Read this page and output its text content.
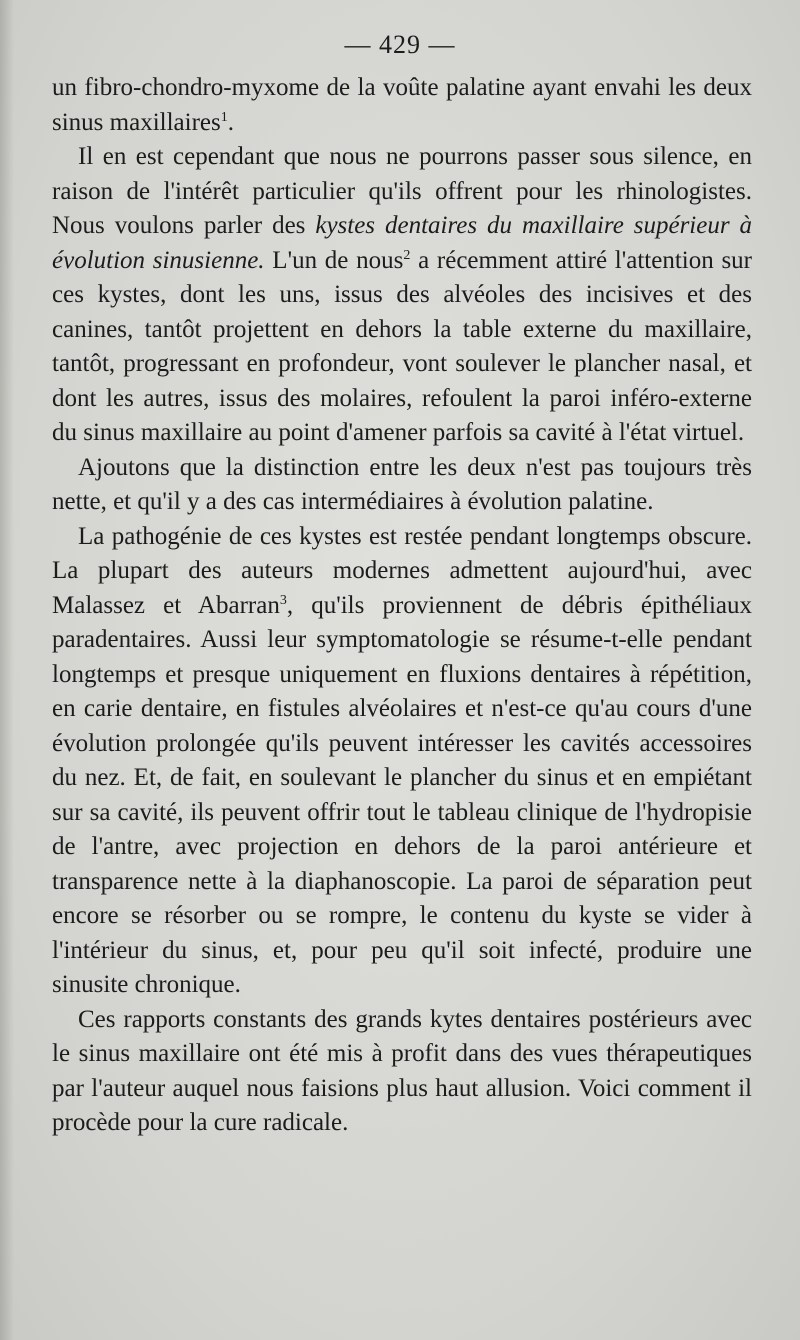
— 429 —

un fibro-chondro-myxome de la voûte palatine ayant envahi les deux sinus maxillaires$^1$.

Il en est cependant que nous ne pourrons passer sous silence, en raison de l'intérêt particulier qu'ils offrent pour les rhinologistes. Nous voulons parler des kystes dentaires du maxillaire supérieur à évolution sinusienne. L'un de nous$^2$ a récemment attiré l'attention sur ces kystes, dont les uns, issus des alvéoles des incisives et des canines, tantôt projettent en dehors la table externe du maxillaire, tantôt, progressant en profondeur, vont soulever le plancher nasal, et dont les autres, issus des molaires, refoulent la paroi inféro-externe du sinus maxillaire au point d'amener parfois sa cavité à l'état virtuel.

Ajoutons que la distinction entre les deux n'est pas toujours très nette, et qu'il y a des cas intermédiaires à évolution palatine.

La pathogénie de ces kystes est restée pendant longtemps obscure. La plupart des auteurs modernes admettent aujourd'hui, avec Malassez et Abarran$^3$, qu'ils proviennent de débris épithéliaux paradentaires. Aussi leur symptomatologie se résume-t-elle pendant longtemps et presque uniquement en fluxions dentaires à répétition, en carie dentaire, en fistules alvéolaires et n'est-ce qu'au cours d'une évolution prolongée qu'ils peuvent intéresser les cavités accessoires du nez. Et, de fait, en soulevant le plancher du sinus et en empiétant sur sa cavité, ils peuvent offrir tout le tableau clinique de l'hydropisie de l'antre, avec projection en dehors de la paroi antérieure et transparence nette à la diaphanoscopie. La paroi de séparation peut encore se résorber ou se rompre, le contenu du kyste se vider à l'intérieur du sinus, et, pour peu qu'il soit infecté, produire une sinusite chronique.

Ces rapports constants des grands kytes dentaires postérieurs avec le sinus maxillaire ont été mis à profit dans des vues thérapeutiques par l'auteur auquel nous faisions plus haut allusion. Voici comment il procède pour la cure radicale.
